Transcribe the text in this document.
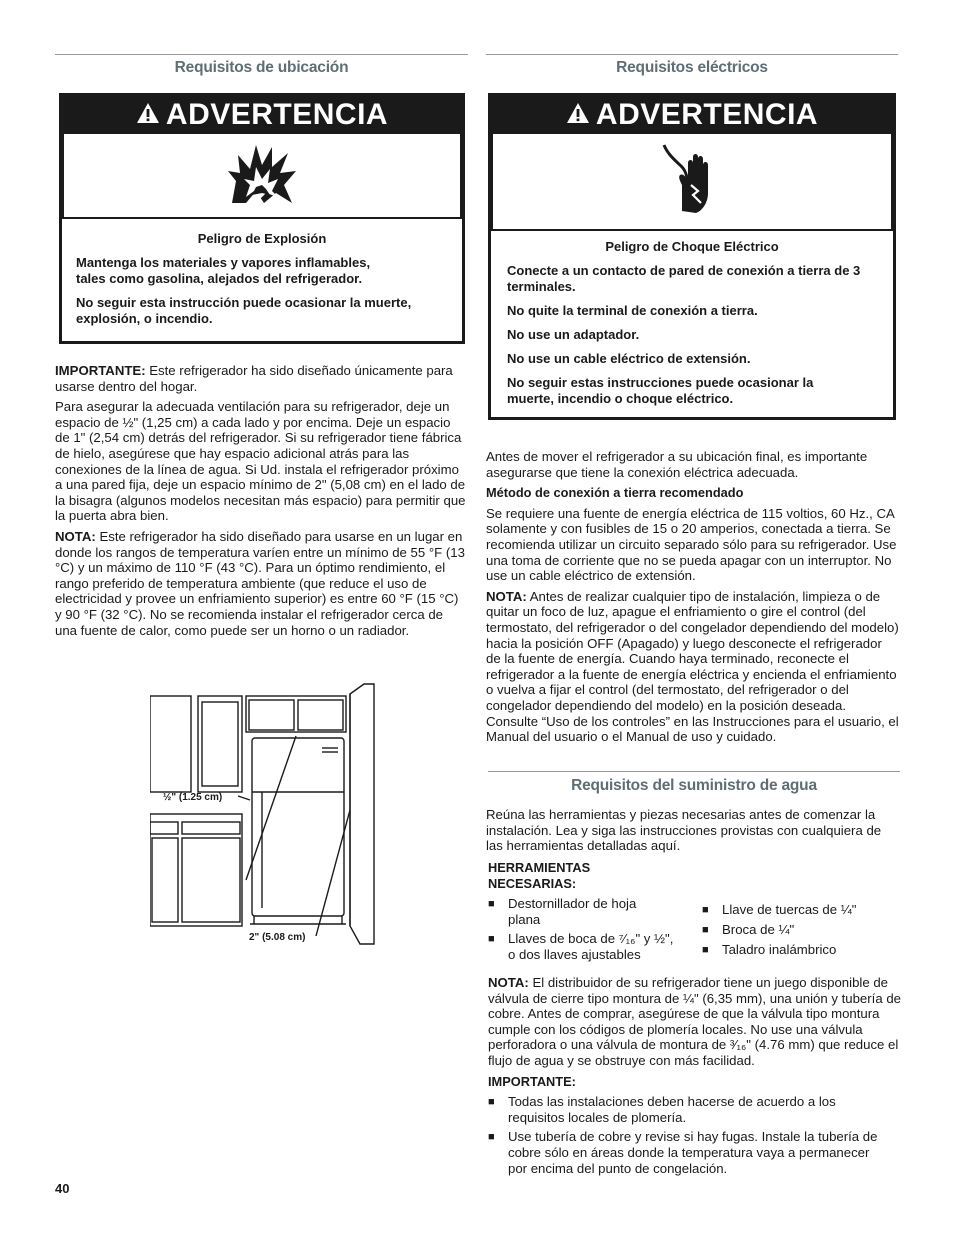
Requisitos de ubicación
ADVERTENCIA

Peligro de Explosión

Mantenga los materiales y vapores inflamables, tales como gasolina, alejados del refrigerador.

No seguir esta instrucción puede ocasionar la muerte, explosión, o incendio.

IMPORTANTE: Este refrigerador ha sido diseñado únicamente para usarse dentro del hogar.

Para asegurar la adecuada ventilación para su refrigerador, deje un espacio de ½" (1,25 cm) a cada lado y por encima. Deje un espacio de 1" (2,54 cm) detrás del refrigerador. Si su refrigerador tiene fábrica de hielo, asegúrese que hay espacio adicional atrás para las conexiones de la línea de agua. Si Ud. instala el refrigerador próximo a una pared fija, deje un espacio mínimo de 2" (5,08 cm) en el lado de la bisagra (algunos modelos necesitan más espacio) para permitir que la puerta abra bien.

NOTA: Este refrigerador ha sido diseñado para usarse en un lugar en donde los rangos de temperatura varíen entre un mínimo de 55 °F (13 °C) y un máximo de 110 °F (43 °C). Para un óptimo rendimiento, el rango preferido de temperatura ambiente (que reduce el uso de electricidad y provee un enfriamiento superior) es entre 60 °F (15 °C) y 90 °F (32 °C). No se recomienda instalar el refrigerador cerca de una fuente de calor, como puede ser un horno o un radiador.

½" (1.25 cm)
2" (5.08 cm)
40
Requisitos eléctricos
ADVERTENCIA

Peligro de Choque Eléctrico

Conecte a un contacto de pared de conexión a tierra de 3 terminales.

No quite la terminal de conexión a tierra.

No use un adaptador.

No use un cable eléctrico de extensión.

No seguir estas instrucciones puede ocasionar la muerte, incendio o choque eléctrico.

Antes de mover el refrigerador a su ubicación final, es importante asegurarse que tiene la conexión eléctrica adecuada.

Método de conexión a tierra recomendado

Se requiere una fuente de energía eléctrica de 115 voltios, 60 Hz., CA solamente y con fusibles de 15 o 20 amperios, conectada a tierra. Se recomienda utilizar un circuito separado sólo para su refrigerador. Use una toma de corriente que no se pueda apagar con un interruptor. No use un cable eléctrico de extensión.

NOTA: Antes de realizar cualquier tipo de instalación, limpieza o de quitar un foco de luz, apague el enfriamiento o gire el control (del termostato, del refrigerador o del congelador dependiendo del modelo) hacia la posición OFF (Apagado) y luego desconecte el refrigerador de la fuente de energía. Cuando haya terminado, reconecte el refrigerador a la fuente de energía eléctrica y encienda el enfriamiento o vuelva a fijar el control (del termostato, del refrigerador o del congelador dependiendo del modelo) en la posición deseada. Consulte “Uso de los controles” en las Instrucciones para el usuario, el Manual del usuario o el Manual de uso y cuidado.

Requisitos del suministro de agua

Reúna las herramientas y piezas necesarias antes de comenzar la instalación. Lea y siga las instrucciones provistas con cualquiera de las herramientas detalladas aquí.

HERRAMIENTAS NECESARIAS:
■	Destornillador de hoja plana
■	Llaves de boca de ⁷⁄₁₆" y ½", o dos llaves ajustables
■	Llave de tuercas de ¼"
■	Broca de ¼"
■	Taladro inalámbrico

NOTA: El distribuidor de su refrigerador tiene un juego disponible de válvula de cierre tipo montura de ¼" (6,35 mm), una unión y tubería de cobre. Antes de comprar, asegúrese de que la válvula tipo montura cumple con los códigos de plomería locales. No use una válvula perforadora o una válvula de montura de ³⁄₁₆" (4.76 mm) que reduce el flujo de agua y se obstruye con más facilidad.

IMPORTANTE:

■	Todas las instalaciones deben hacerse de acuerdo a los requisitos locales de plomería.
■	Use tubería de cobre y revise si hay fugas. Instale la tubería de cobre sólo en áreas donde la temperatura vaya a permanecer por encima del punto de congelación.
